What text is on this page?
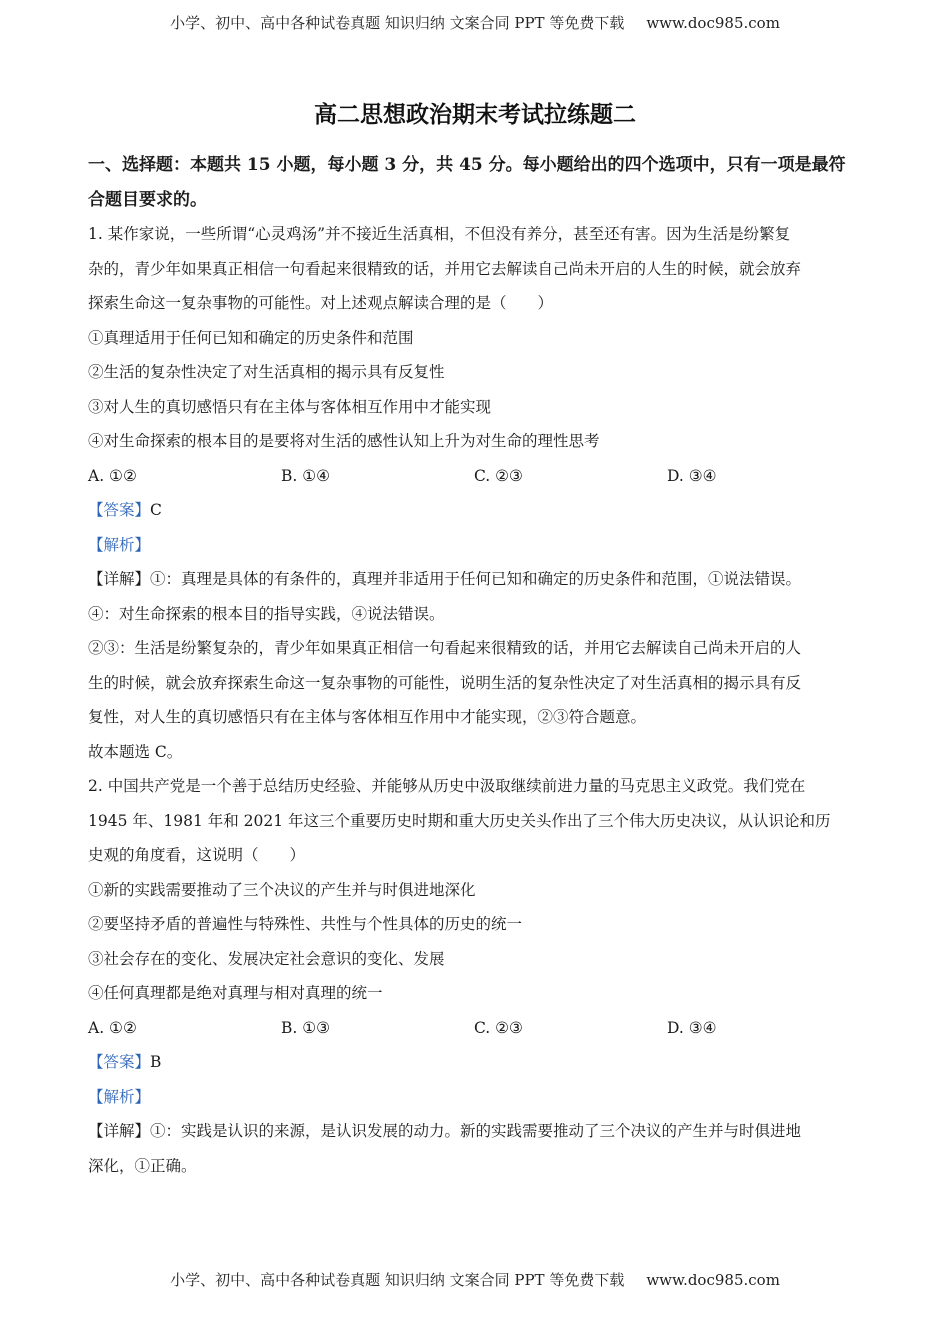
小学、初中、高中各种试卷真题 知识归纳 文案合同 PPT 等免费下载 www.doc985.com
高二思想政治期末考试拉练题二

一、选择题：本题共 15 小题，每小题 3 分，共 45 分。每小题给出的四个选项中，只有一项是最符合题目要求的。

1. 某作家说，一些所谓“心灵鸡汤”并不接近生活真相，不但没有养分，甚至还有害。因为生活是纷繁复

杂的，青少年如果真正相信一句看起来很精致的话，并用它去解读自己尚未开启的人生的时候，就会放弃

探索生命这一复杂事物的可能性。对上述观点解读合理的是（　　）

①真理适用于任何已知和确定的历史条件和范围

②生活的复杂性决定了对生活真相的揭示具有反复性

③对人生的真切感悟只有在主体与客体相互作用中才能实现

④对生命探索的根本目的是要将对生活的感性认知上升为对生命的理性思考

A. ①②	B. ①④	C. ②③	D. ③④

【答案】C

【解析】

【详解】①：真理是具体的有条件的，真理并非适用于任何已知和确定的历史条件和范围，①说法错误。

④：对生命探索的根本目的指导实践，④说法错误。

②③：生活是纷繁复杂的，青少年如果真正相信一句看起来很精致的话，并用它去解读自己尚未开启的人

生的时候，就会放弃探索生命这一复杂事物的可能性，说明生活的复杂性决定了对生活真相的揭示具有反

复性，对人生的真切感悟只有在主体与客体相互作用中才能实现，②③符合题意。

故本题选 C。

2. 中国共产党是一个善于总结历史经验、并能够从历史中汲取继续前进力量的马克思主义政党。我们党在

1945 年、1981 年和 2021 年这三个重要历史时期和重大历史关头作出了三个伟大历史决议，从认识论和历

史观的角度看，这说明（　　）

①新的实践需要推动了三个决议的产生并与时俱进地深化

②要坚持矛盾的普遍性与特殊性、共性与个性具体的历史的统一

③社会存在的变化、发展决定社会意识的变化、发展

④任何真理都是绝对真理与相对真理的统一

A. ①②	B. ①③	C. ②③	D. ③④

【答案】B

【解析】

【详解】①：实践是认识的来源，是认识发展的动力。新的实践需要推动了三个决议的产生并与时俱进地

深化，①正确。

小学、初中、高中各种试卷真题 知识归纳 文案合同 PPT 等免费下载 www.doc985.com
